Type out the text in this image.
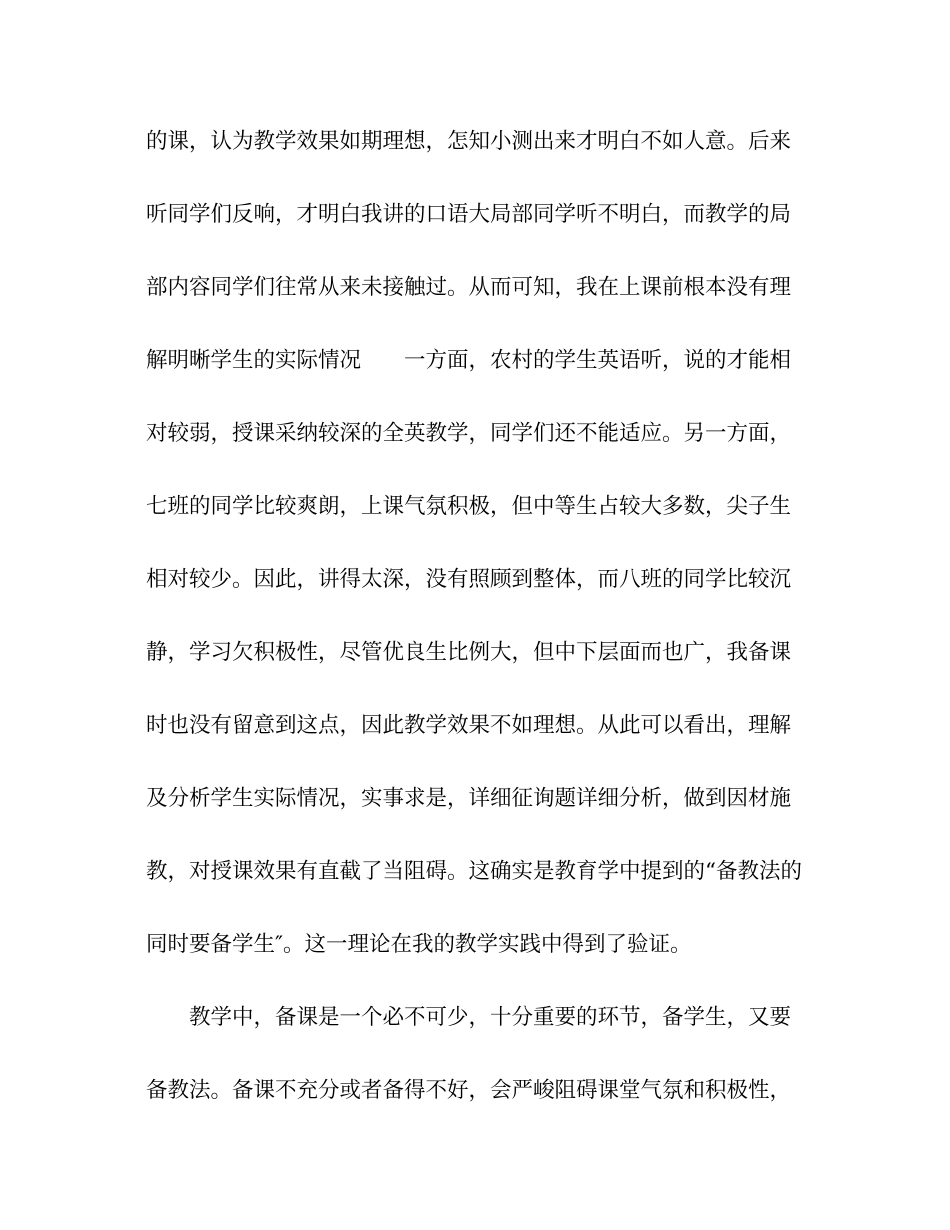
的课，认为教学效果如期理想，怎知小测出来才明白不如人意。后来
听同学们反响，才明白我讲的口语大局部同学听不明白，而教学的局
部内容同学们往常从来未接触过。从而可知，我在上课前根本没有理
解明晰学生的实际情况　　一方面，农村的学生英语听，说的才能相
对较弱，授课采纳较深的全英教学，同学们还不能适应。另一方面，
七班的同学比较爽朗，上课气氛积极，但中等生占较大多数，尖子生
相对较少。因此，讲得太深，没有照顾到整体，而八班的同学比较沉
静，学习欠积极性，尽管优良生比例大，但中下层面而也广，我备课
时也没有留意到这点，因此教学效果不如理想。从此可以看出，理解
及分析学生实际情况，实事求是，详细征询题详细分析，做到因材施
教，对授课效果有直截了当阻碍。这确实是教育学中提到的“备教法的
同时要备学生″。这一理论在我的教学实践中得到了验证。
教学中，备课是一个必不可少，十分重要的环节，备学生，又要
备教法。备课不充分或者备得不好，会严峻阻碍课堂气氛和积极性，
